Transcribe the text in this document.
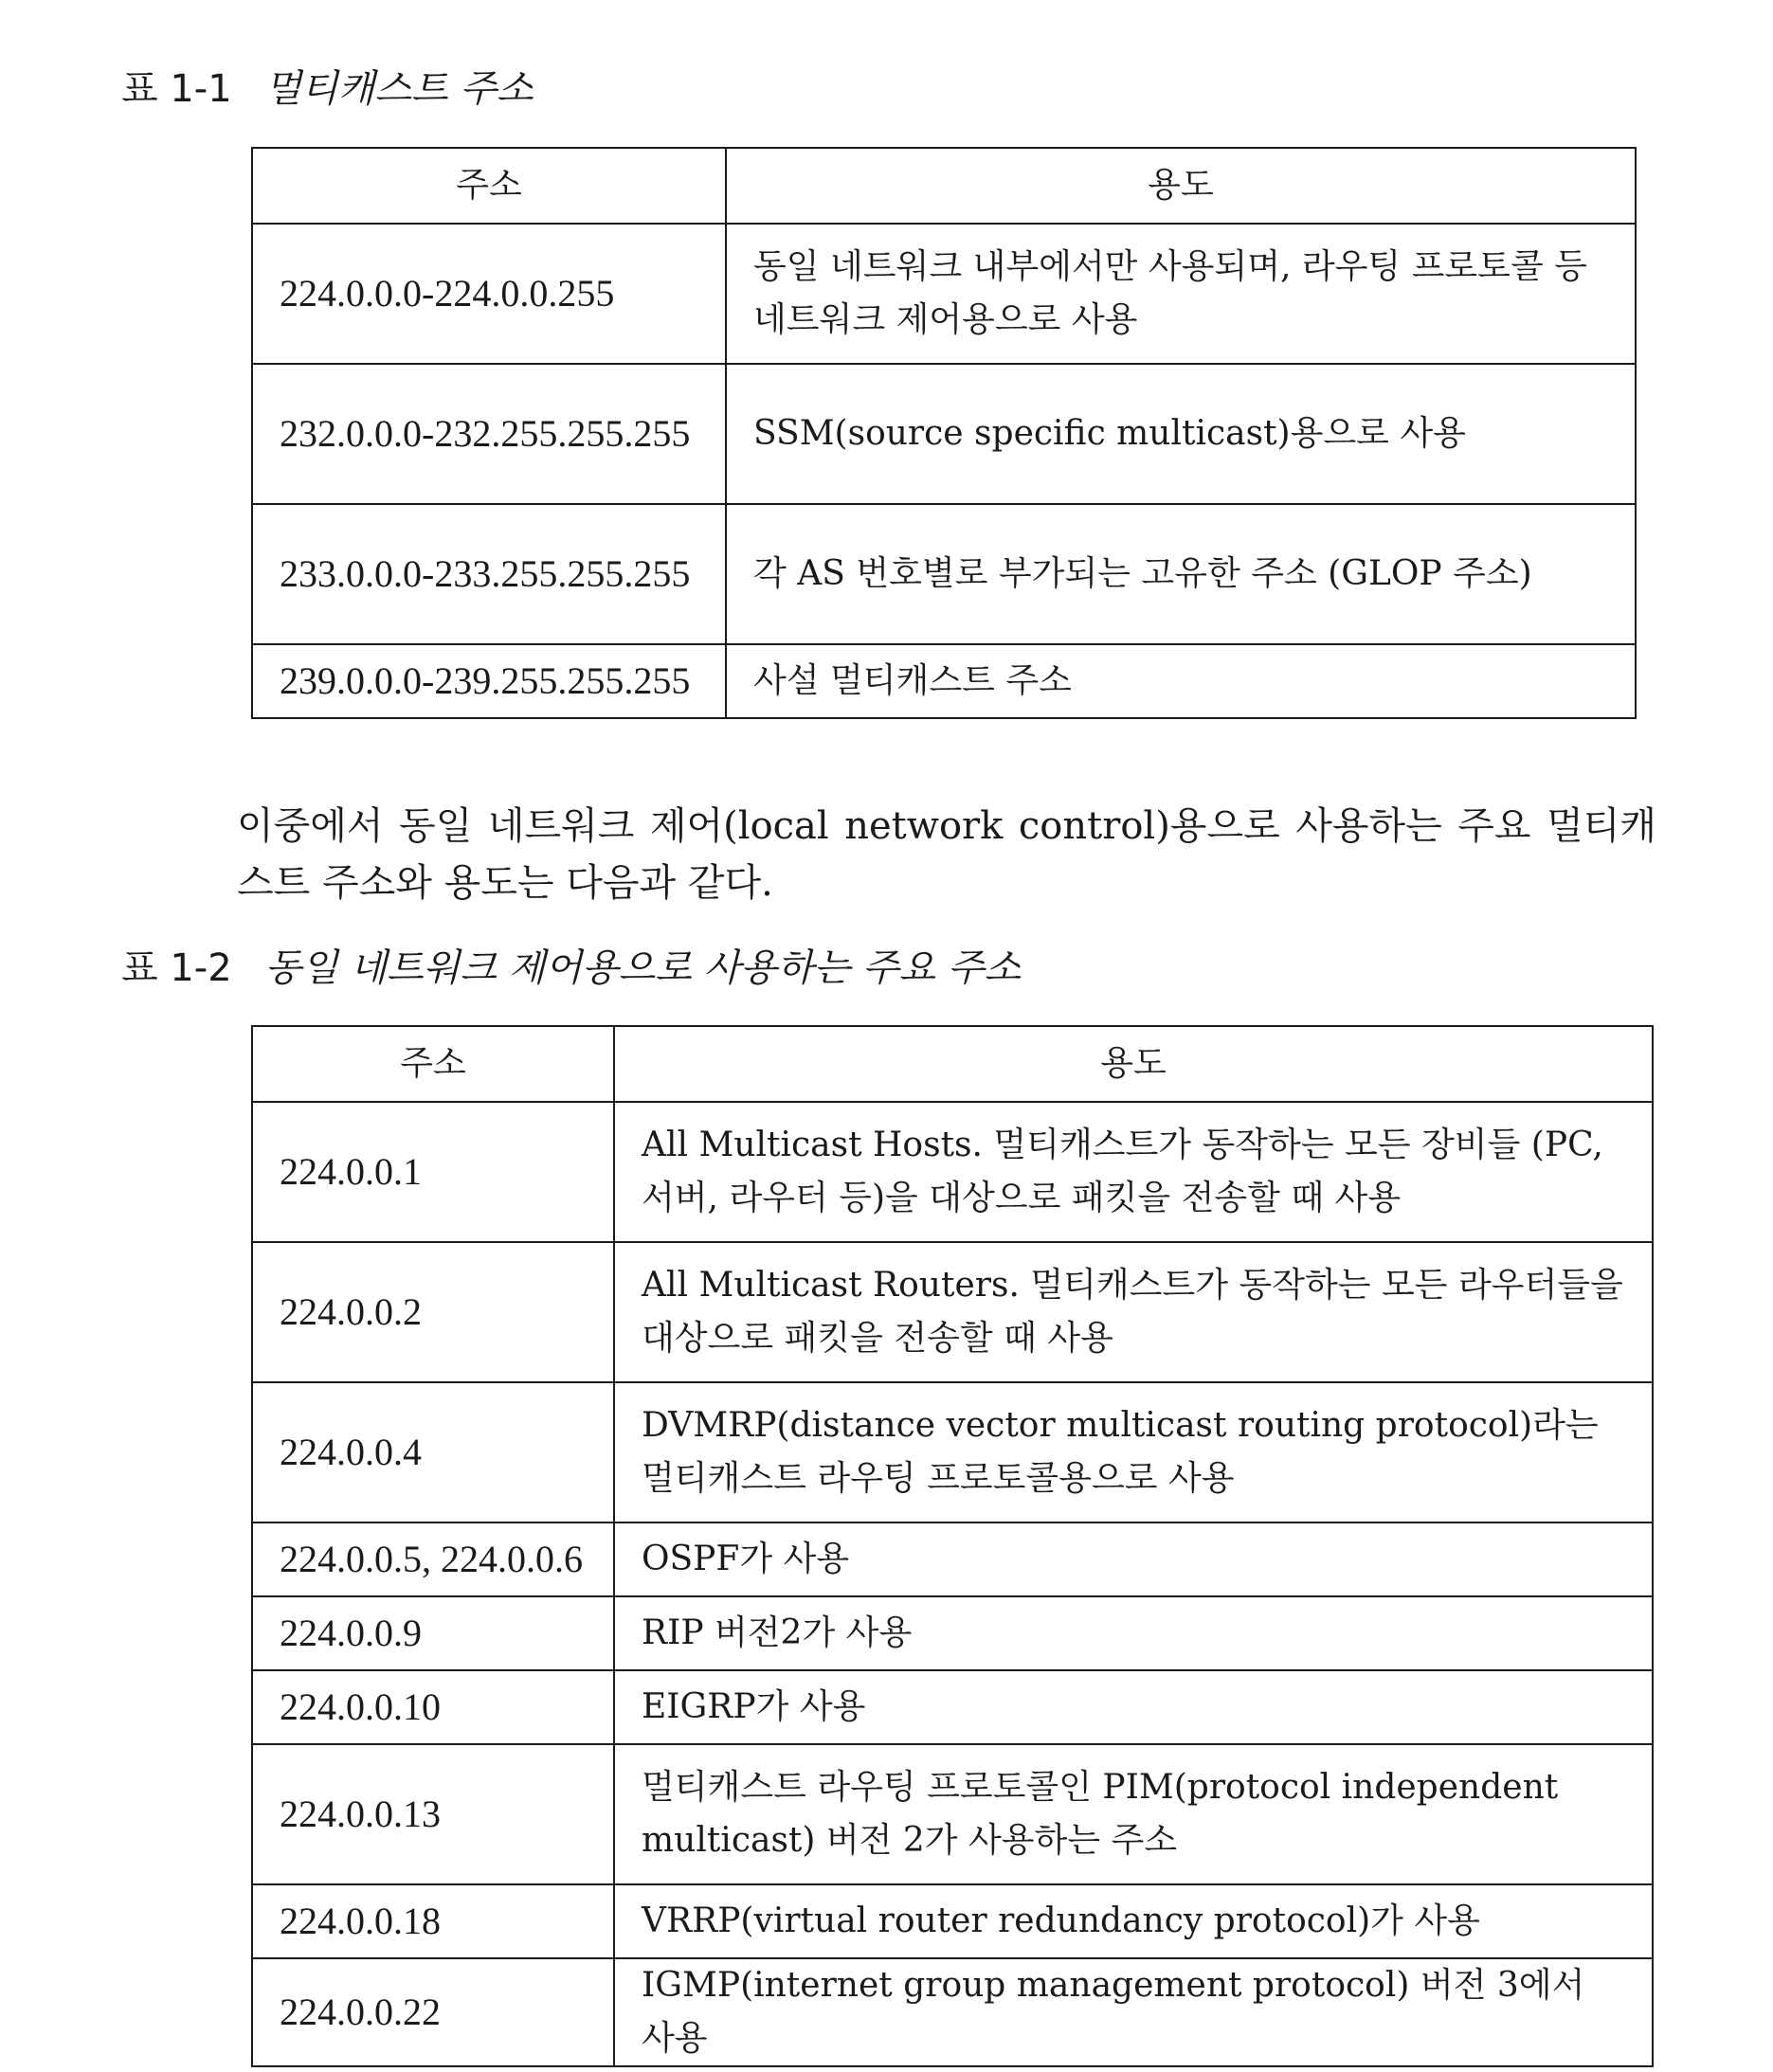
표 1-1 멀티캐스트 주소
주소	용도
224.0.0.0-224.0.0.255	동일 네트워크 내부에서만 사용되며, 라우팅 프로토콜 등 네트워크 제어용으로 사용
232.0.0.0-232.255.255.255	SSM(source specific multicast)용으로 사용
233.0.0.0-233.255.255.255	각 AS 번호별로 부가되는 고유한 주소 (GLOP 주소)
239.0.0.0-239.255.255.255	사설 멀티캐스트 주소
이중에서 동일 네트워크 제어(local network control)용으로 사용하는 주요 멀티캐스트 주소와 용도는 다음과 같다.
표 1-2 동일 네트워크 제어용으로 사용하는 주요 주소
주소	용도
224.0.0.1	All Multicast Hosts. 멀티캐스트가 동작하는 모든 장비들 (PC, 서버, 라우터 등)을 대상으로 패킷을 전송할 때 사용
224.0.0.2	All Multicast Routers. 멀티캐스트가 동작하는 모든 라우터들을 대상으로 패킷을 전송할 때 사용
224.0.0.4	DVMRP(distance vector multicast routing protocol)라는 멀티캐스트 라우팅 프로토콜용으로 사용
224.0.0.5, 224.0.0.6	OSPF가 사용
224.0.0.9	RIP 버전2가 사용
224.0.0.10	EIGRP가 사용
224.0.0.13	멀티캐스트 라우팅 프로토콜인 PIM(protocol independent multicast) 버전 2가 사용하는 주소
224.0.0.18	VRRP(virtual router redundancy protocol)가 사용
224.0.0.22	IGMP(internet group management protocol) 버전 3에서 사용
